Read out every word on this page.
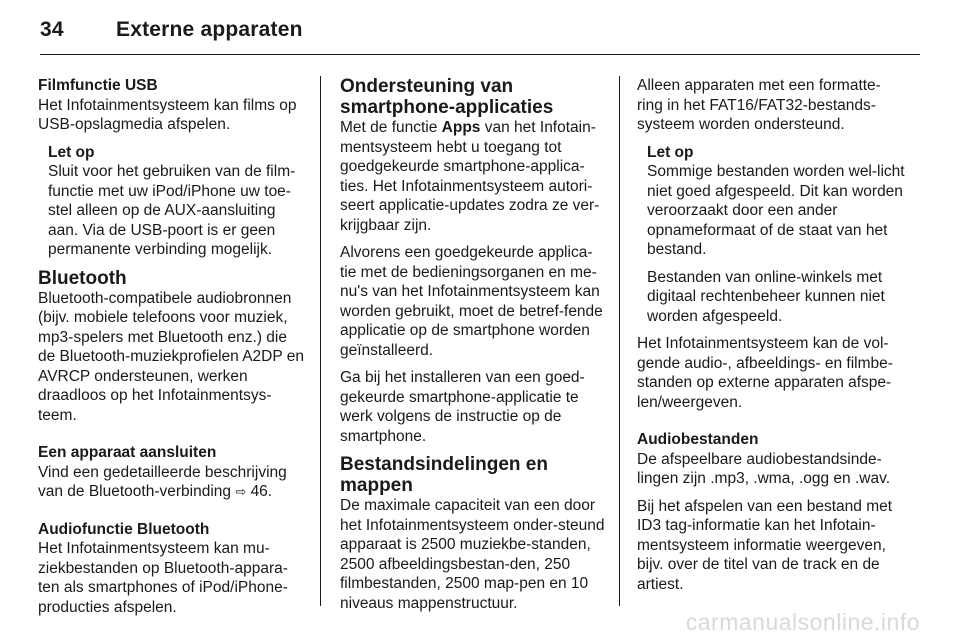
34 Externe apparaten

Filmfunctie USB

Het Infotainmentsysteem kan films op USB-opslagmedia afspelen.

Let op

Sluit voor het gebruiken van de film-functie met uw iPod/iPhone uw toe-stel alleen op de AUX-aansluiting aan. Via de USB-poort is er geen permanente verbinding mogelijk.

Bluetooth

Bluetooth-compatibele audiobronnen (bijv. mobiele telefoons voor muziek, mp3-spelers met Bluetooth enz.) die de Bluetooth-muziekprofielen A2DP en AVRCP ondersteunen, werken draadloos op het Infotainmentsys-teem.

Een apparaat aansluiten

Vind een gedetailleerde beschrijving van de Bluetooth-verbinding ⇨ 46.

Audiofunctie Bluetooth

Het Infotainmentsysteem kan mu-ziekbestanden op Bluetooth-appara-ten als smartphones of iPod/iPhone-producties afspelen.

Ondersteuning van smartphone-applicaties

Met de functie Apps van het Infotain-mentsysteem hebt u toegang tot goedgekeurde smartphone-applica-ties. Het Infotainmentsysteem autori-seert applicatie-updates zodra ze ver-krijgbaar zijn.

Alvorens een goedgekeurde applica-tie met de bedieningsorganen en me-nu's van het Infotainmentsysteem kan worden gebruikt, moet de betref-fende applicatie op de smartphone worden geïnstalleerd.

Ga bij het installeren van een goed-gekeurde smartphone-applicatie te werk volgens de instructie op de smartphone.

Bestandsindelingen en mappen

De maximale capaciteit van een door het Infotainmentsysteem onder-steund apparaat is 2500 muziekbe-standen, 2500 afbeeldingsbestan-den, 250 filmbestanden, 2500 map-pen en 10 niveaus mappenstructuur.

Alleen apparaten met een formatte-ring in het FAT16/FAT32-bestands-systeem worden ondersteund.

Let op

Sommige bestanden worden wel-licht niet goed afgespeeld. Dit kan worden veroorzaakt door een ander opnameformaat of de staat van het bestand.

Bestanden van online-winkels met digitaal rechtenbeheer kunnen niet worden afgespeeld.

Het Infotainmentsysteem kan de vol-gende audio-, afbeeldings- en filmbe-standen op externe apparaten afspe-len/weergeven.

Audiobestanden

De afspeelbare audiobestandsinde-lingen zijn .mp3, .wma, .ogg en .wav.

Bij het afspelen van een bestand met ID3 tag-informatie kan het Infotain-mentsysteem informatie weergeven, bijv. over de titel van de track en de artiest.

carmanualsonline.info
